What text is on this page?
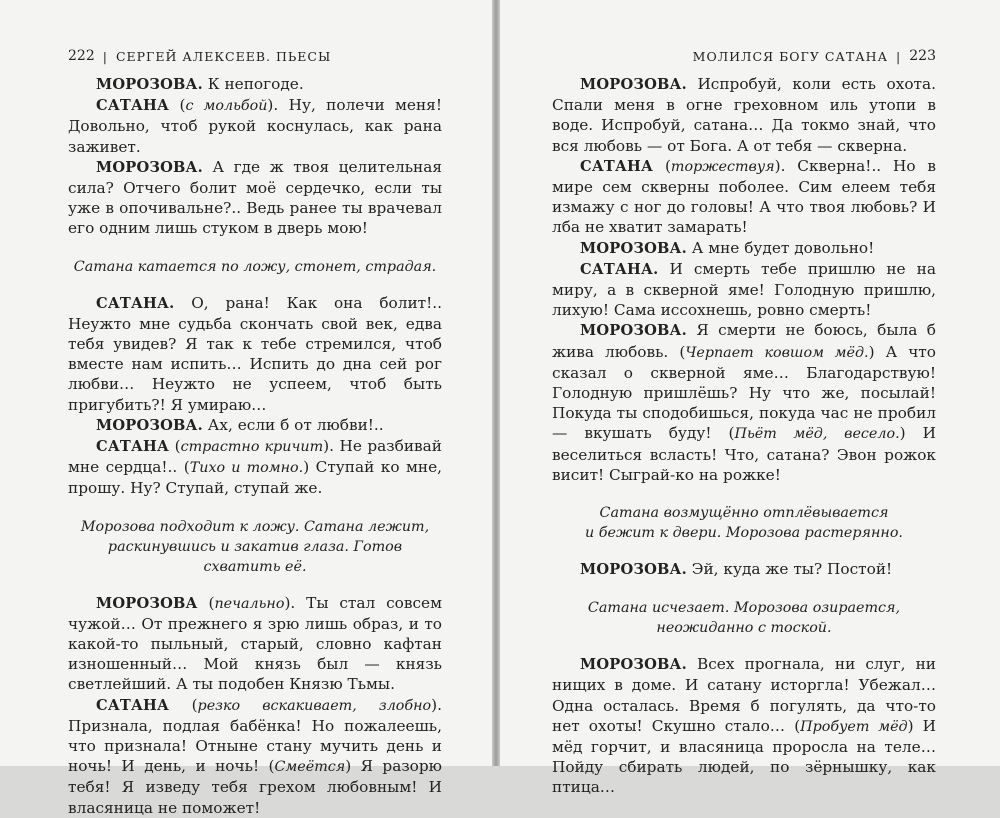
222 | СЕРГЕЙ АЛЕКСЕЕВ. ПЬЕСЫ

МОРОЗОВА. К непогоде.

САТАНА (с мольбой). Ну, полечи меня! Довольно, чтоб рукой коснулась, как рана заживет.

МОРОЗОВА. А где ж твоя целительная сила? Отчего болит моё сердечко, если ты уже в опочивальне?.. Ведь ранее ты врачевал его одним лишь стуком в дверь мою!

Сатана катается по ложу, стонет, страдая.

САТАНА. О, рана! Как она болит!.. Неужто мне судьба скончать свой век, едва тебя увидев? Я так к тебе стремился, чтоб вместе нам испить… Испить до дна сей рог любви… Неужто не успеем, чтоб быть пригубить?! Я умираю…

МОРОЗОВА. Ах, если б от любви!..

САТАНА (страстно кричит). Не разбивай мне сердца!.. (Тихо и томно.) Ступай ко мне, прошу. Ну? Ступай, ступай же.

Морозова подходит к ложу. Сатана лежит,
раскинувшись и закатив глаза. Готов схватить её.

МОРОЗОВА (печально). Ты стал совсем чужой… От прежнего я зрю лишь образ, и то какой-то пыльный, старый, словно кафтан изношенный… Мой князь был — князь светлейший. А ты подобен Князю Тьмы.

САТАНА (резко вскакивает, злобно). Признала, подлая бабёнка! Но пожалеешь, что признала! Отныне стану мучить день и ночь! И день, и ночь! (Смеётся) Я разорю тебя! Я изведу тебя грехом любовным! И власяница не поможет!

МОЛИЛСЯ БОГУ САТАНА | 223

МОРОЗОВА. Испробуй, коли есть охота. Спали меня в огне греховном иль утопи в воде. Испробуй, сатана… Да токмо знай, что вся любовь — от Бога. А от тебя — скверна.

САТАНА (торжествуя). Скверна!.. Но в мире сем скверны поболее. Сим елеем тебя измажу с ног до головы! А что твоя любовь? И лба не хватит замарать!

МОРОЗОВА. А мне будет довольно!

САТАНА. И смерть тебе пришлю не на миру, а в скверной яме! Голодную пришлю, лихую! Сама иссохнешь, ровно смерть!

МОРОЗОВА. Я смерти не боюсь, была б жива любовь. (Черпает ковшом мёд.) А что сказал о скверной яме… Благодарствую! Голодную пришлёшь? Ну что же, посылай! Покуда ты сподобишься, покуда час не пробил — вкушать буду! (Пьёт мёд, весело.) И веселиться всласть! Что, сатана? Эвон рожок висит! Сыграй-ко на рожке!

Сатана возмущённо отплёвывается
и бежит к двери. Морозова растерянно.

МОРОЗОВА. Эй, куда же ты? Постой!

Сатана исчезает. Морозова озирается,
неожиданно с тоской.

МОРОЗОВА. Всех прогнала, ни слуг, ни нищих в доме. И сатану исторгла! Убежал… Одна осталась. Время б погулять, да что-то нет охоты! Скушно стало… (Пробует мёд) И мёд горчит, и власяница проросла на теле… Пойду сбирать людей, по зёрнышку, как птица…
